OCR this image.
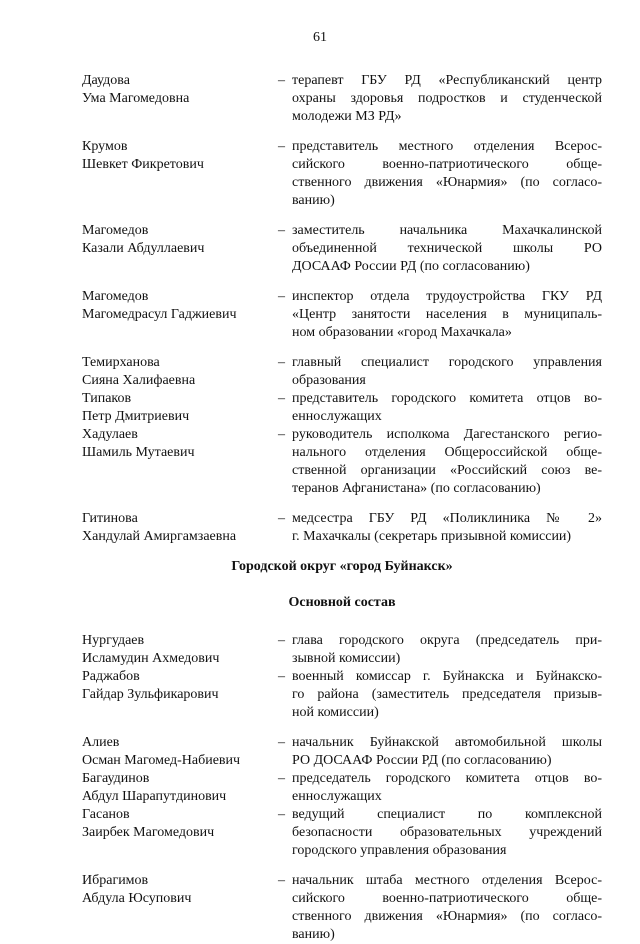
61
Даудова
Ума Магомедовна
– терапевт ГБУ РД «Республиканский центр
охраны здоровья подростков и студенческой
молодежи МЗ РД»
Крумов
Шевкет Фикретович
– представитель местного отделения Всерос-
сийского военно-патриотического обще-
ственного движения «Юнармия» (по согласо-
ванию)
Магомедов
Казали Абдуллаевич
– заместитель начальника Махачкалинской
объединенной технической школы РО
ДОСААФ России РД (по согласованию)
Магомедов
Магомедрасул Гаджиевич
– инспектор отдела трудоустройства ГКУ РД
«Центр занятости населения в муниципаль-
ном образовании «город Махачкала»
Темирханова
Сияна Халифаевна
– главный специалист городского управления
образования
Типаков
Петр Дмитриевич
– представитель городского комитета отцов во-
еннослужащих
Хадулаев
Шамиль Мутаевич
– руководитель исполкома Дагестанского регио-
нального отделения Общероссийской обще-
ственной организации «Российский союз ве-
теранов Афганистана» (по согласованию)
Гитинова
Хандулай Амиргамзаевна
– медсестра ГБУ РД «Поликлиника № 2»
г. Махачкалы (секретарь призывной комиссии)
Городской округ «город Буйнакск»
Основной состав
Нургудаев
Исламудин Ахмедович
– глава городского округа (председатель при-
зывной комиссии)
Раджабов
Гайдар Зульфикарович
– военный комиссар г. Буйнакска и Буйнакско-
го района (заместитель председателя призыв-
ной комиссии)
Алиев
Осман Магомед-Набиевич
– начальник Буйнакской автомобильной школы
РО ДОСААФ России РД (по согласованию)
Багаудинов
Абдул Шарапутдинович
– председатель городского комитета отцов во-
еннослужащих
Гасанов
Заирбек Магомедович
– ведущий специалист по комплексной
безопасности образовательных учреждений
городского управления образования
Ибрагимов
Абдула Юсупович
– начальник штаба местного отделения Всерос-
сийского военно-патриотического обще-
ственного движения «Юнармия» (по согласо-
ванию)
